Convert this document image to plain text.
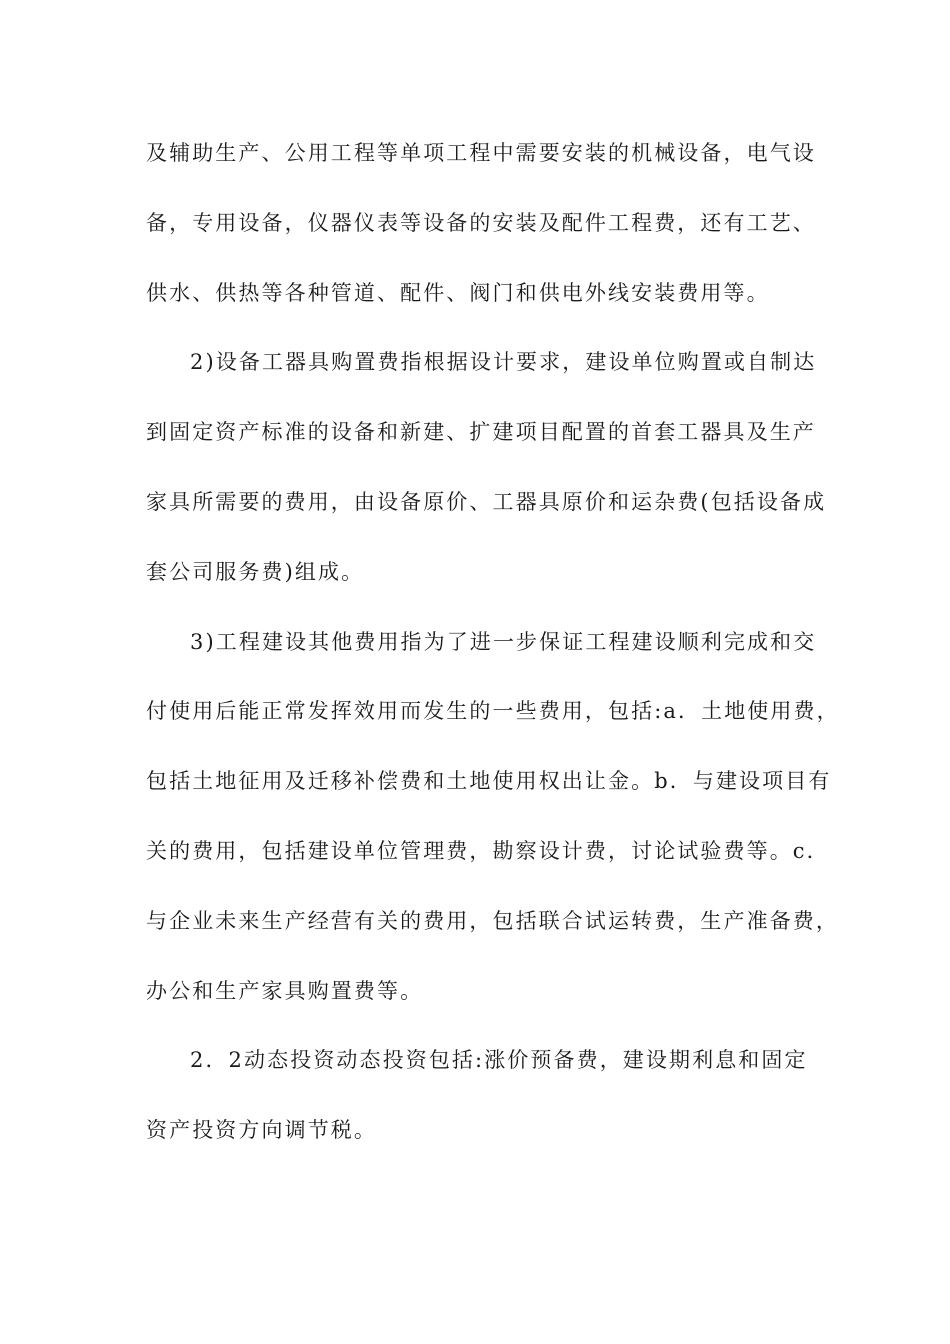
及辅助生产、公用工程等单项工程中需要安装的机械设备，电气设
备，专用设备，仪器仪表等设备的安装及配件工程费，还有工艺、
供水、供热等各种管道、配件、阀门和供电外线安装费用等。
2)设备工器具购置费指根据设计要求，建设单位购置或自制达
到固定资产标准的设备和新建、扩建项目配置的首套工器具及生产
家具所需要的费用，由设备原价、工器具原价和运杂费(包括设备成
套公司服务费)组成。
3)工程建设其他费用指为了进一步保证工程建设顺利完成和交
付使用后能正常发挥效用而发生的一些费用，包括:a．土地使用费，
包括土地征用及迁移补偿费和土地使用权出让金。b．与建设项目有
关的费用，包括建设单位管理费，勘察设计费，讨论试验费等。c．
与企业未来生产经营有关的费用，包括联合试运转费，生产准备费，
办公和生产家具购置费等。
2．2动态投资动态投资包括:涨价预备费，建设期利息和固定
资产投资方向调节税。
